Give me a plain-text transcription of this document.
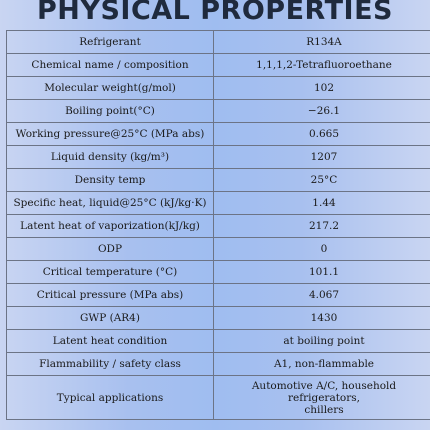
PHYSICAL PROPERTIES
Refrigerant	R134A
Chemical name / composition	1,1,1,2-Tetrafluoroethane
Molecular weight(g/mol)	102
Boiling point(°C)	−26.1
Working pressure@25°C (MPa abs)	0.665
Liquid density (kg/m³)	1207
Density temp	25°C
Specific heat, liquid@25°C (kJ/kg·K)	1.44
Latent heat of vaporization(kJ/kg)	217.2
ODP	0
Critical temperature (°C)	101.1
Critical pressure (MPa abs)	4.067
GWP (AR4)	1430
Latent heat condition	at boiling point
Flammability / safety class	A1, non-flammable
Typical applications	Automotive A/C, household refrigerators,
chillers
